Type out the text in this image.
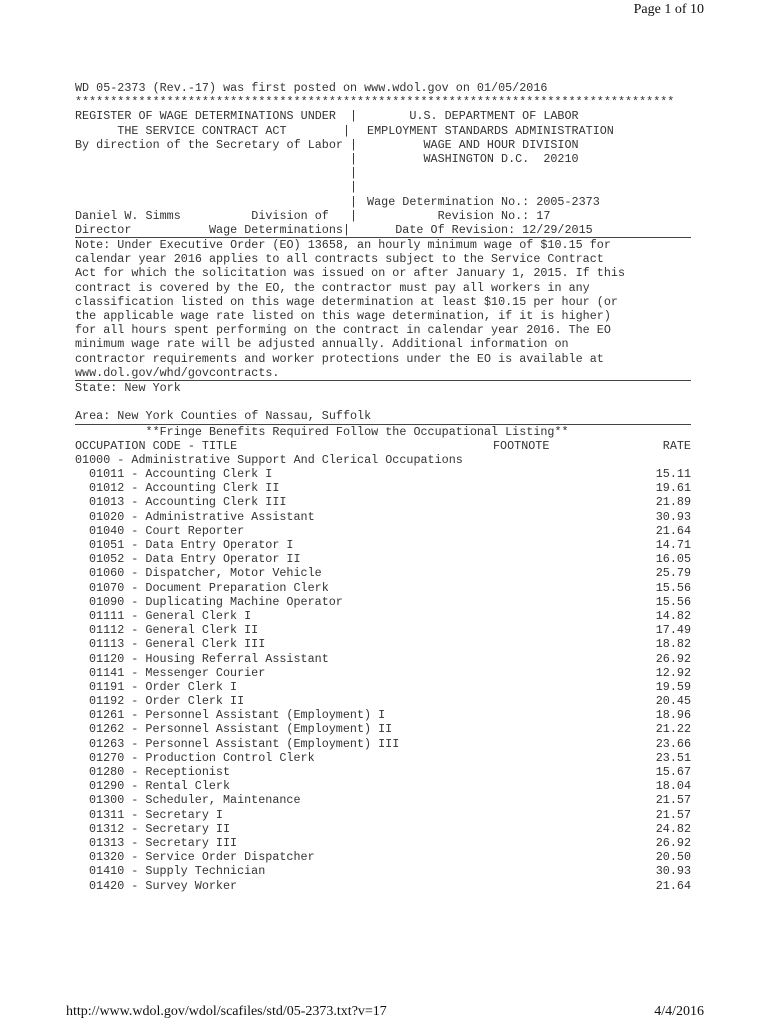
Page 1 of 10
WD 05-2373 (Rev.-17) was first posted on www.wdol.gov on 01/05/2016
*************************************************************************************
REGISTER OF WAGE DETERMINATIONS UNDER  |
THE SERVICE CONTRACT ACT        |
By direction of the Secretary of Labor |
|
|
|
|
Daniel W. Simms          Division of   |
Director           Wage Determinations|
U.S. DEPARTMENT OF LABOR
EMPLOYMENT STANDARDS ADMINISTRATION
WAGE AND HOUR DIVISION
WASHINGTON D.C.  20210
Wage Determination No.: 2005-2373
Revision No.: 17
Date Of Revision: 12/29/2015
Note: Under Executive Order (EO) 13658, an hourly minimum wage of $10.15 for
calendar year 2016 applies to all contracts subject to the Service Contract
Act for which the solicitation was issued on or after January 1, 2015. If this
contract is covered by the EO, the contractor must pay all workers in any
classification listed on this wage determination at least $10.15 per hour (or
the applicable wage rate listed on this wage determination, if it is higher)
for all hours spent performing on the contract in calendar year 2016. The EO
minimum wage rate will be adjusted annually. Additional information on
contractor requirements and worker protections under the EO is available at
www.dol.gov/whd/govcontracts.
State: New York
Area: New York Counties of Nassau, Suffolk
**Fringe Benefits Required Follow the Occupational Listing**
OCCUPATION CODE - TITLE	FOOTNOTE	RATE
01000 - Administrative Support And Clerical Occupations
01011 - Accounting Clerk I	15.11
01012 - Accounting Clerk II	19.61
01013 - Accounting Clerk III	21.89
01020 - Administrative Assistant	30.93
01040 - Court Reporter	21.64
01051 - Data Entry Operator I	14.71
01052 - Data Entry Operator II	16.05
01060 - Dispatcher, Motor Vehicle	25.79
01070 - Document Preparation Clerk	15.56
01090 - Duplicating Machine Operator	15.56
01111 - General Clerk I	14.82
01112 - General Clerk II	17.49
01113 - General Clerk III	18.82
01120 - Housing Referral Assistant	26.92
01141 - Messenger Courier	12.92
01191 - Order Clerk I	19.59
01192 - Order Clerk II	20.45
01261 - Personnel Assistant (Employment) I	18.96
01262 - Personnel Assistant (Employment) II	21.22
01263 - Personnel Assistant (Employment) III	23.66
01270 - Production Control Clerk	23.51
01280 - Receptionist	15.67
01290 - Rental Clerk	18.04
01300 - Scheduler, Maintenance	21.57
01311 - Secretary I	21.57
01312 - Secretary II	24.82
01313 - Secretary III	26.92
01320 - Service Order Dispatcher	20.50
01410 - Supply Technician	30.93
01420 - Survey Worker	21.64
http://www.wdol.gov/wdol/scafiles/std/05-2373.txt?v=17	4/4/2016
